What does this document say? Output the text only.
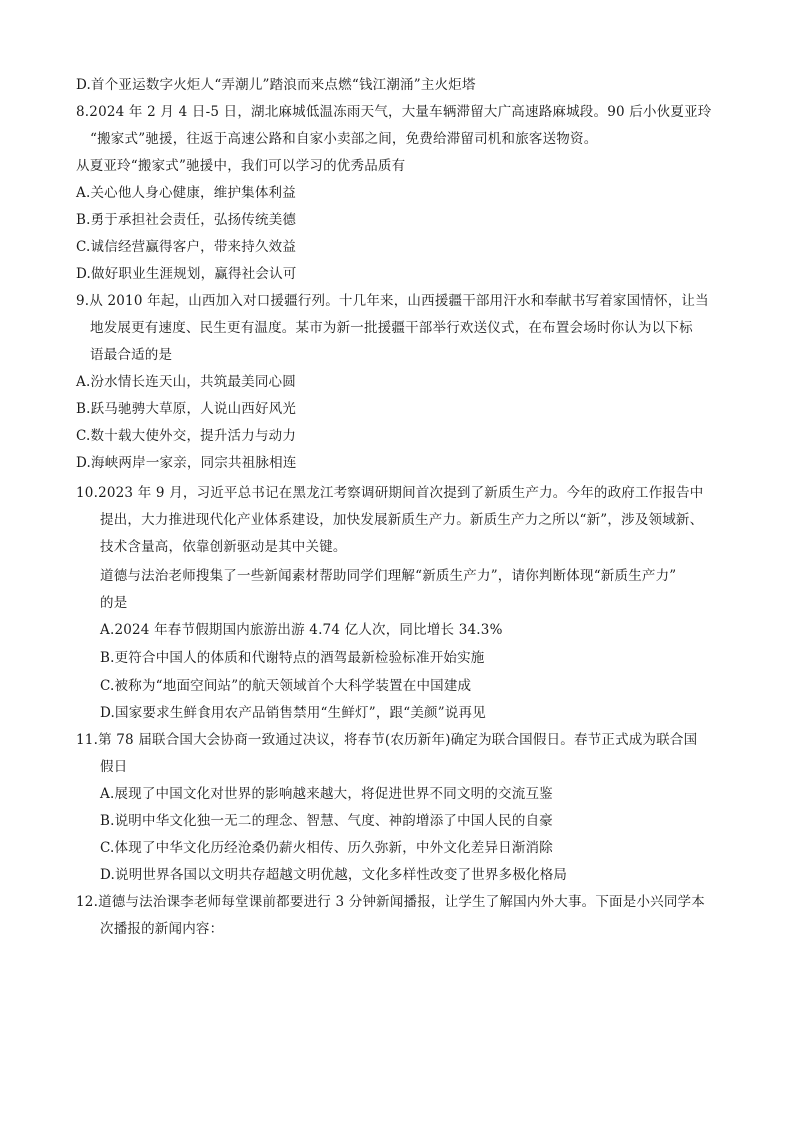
D.首个亚运数字火炬人“弄潮儿”踏浪而来点燃“钱江潮涌”主火炬塔
8.2024 年 2 月 4 日-5 日，湖北麻城低温冻雨天气，大量车辆滞留大广高速路麻城段。90 后小伙夏亚玲
“搬家式”驰援，往返于高速公路和自家小卖部之间，免费给滞留司机和旅客送物资。
从夏亚玲“搬家式”驰援中，我们可以学习的优秀品质有
A.关心他人身心健康，维护集体利益
B.勇于承担社会责任，弘扬传统美德
C.诚信经营赢得客户，带来持久效益
D.做好职业生涯规划，赢得社会认可
9.从 2010 年起，山西加入对口援疆行列。十几年来，山西援疆干部用汗水和奉献书写着家国情怀，让当
地发展更有速度、民生更有温度。某市为新一批援疆干部举行欢送仪式，在布置会场时你认为以下标
语最合适的是
A.汾水情长连天山，共筑最美同心圆
B.跃马驰骋大草原，人说山西好风光
C.数十载大使外交，提升活力与动力
D.海峡两岸一家亲，同宗共祖脉相连
10.2023 年 9 月，习近平总书记在黑龙江考察调研期间首次提到了新质生产力。今年的政府工作报告中
提出，大力推进现代化产业体系建设，加快发展新质生产力。新质生产力之所以“新”，涉及领域新、
技术含量高，依靠创新驱动是其中关键。
道德与法治老师搜集了一些新闻素材帮助同学们理解“新质生产力”，请你判断体现“新质生产力”
的是
A.2024 年春节假期国内旅游出游 4.74 亿人次，同比增长 34.3%
B.更符合中国人的体质和代谢特点的酒驾最新检验标准开始实施
C.被称为“地面空间站”的航天领域首个大科学装置在中国建成
D.国家要求生鲜食用农产品销售禁用“生鲜灯”，跟“美颜”说再见
11.第 78 届联合国大会协商一致通过决议，将春节(农历新年)确定为联合国假日。春节正式成为联合国
假日
A.展现了中国文化对世界的影响越来越大，将促进世界不同文明的交流互鉴
B.说明中华文化独一无二的理念、智慧、气度、神韵增添了中国人民的自豪
C.体现了中华文化历经沧桑仍薪火相传、历久弥新，中外文化差异日渐消除
D.说明世界各国以文明共存超越文明优越，文化多样性改变了世界多极化格局
12.道德与法治课李老师每堂课前都要进行 3 分钟新闻播报，让学生了解国内外大事。下面是小兴同学本
次播报的新闻内容：
